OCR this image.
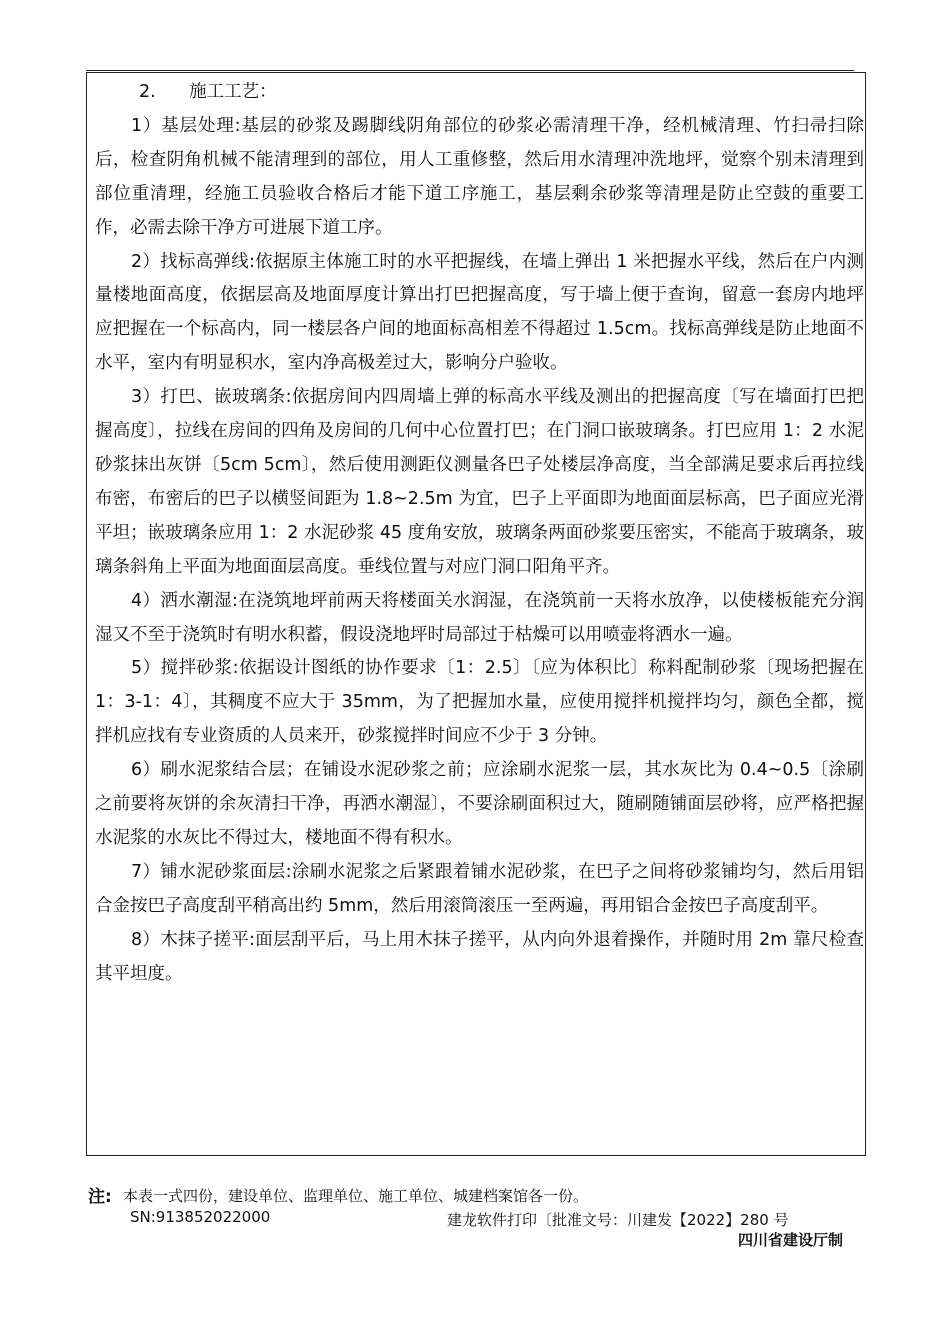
2.      施工工艺：

1）基层处理:基层的砂浆及踢脚线阴角部位的砂浆必需清理干净，经机械清理、竹扫帚扫除后，检查阴角机械不能清理到的部位，用人工重修整，然后用水清理冲洗地坪，觉察个别未清理到部位重清理，经施工员验收合格后才能下道工序施工，基层剩余砂浆等清理是防止空鼓的重要工作，必需去除干净方可进展下道工序。

2）找标高弹线:依据原主体施工时的水平把握线，在墙上弹出 1 米把握水平线，然后在户内测量楼地面高度，依据层高及地面厚度计算出打巴把握高度，写于墙上便于查询，留意一套房内地坪应把握在一个标高内，同一楼层各户间的地面标高相差不得超过 1.5cm。找标高弹线是防止地面不水平，室内有明显积水，室内净高极差过大，影响分户验收。

3）打巴、嵌玻璃条:依据房间内四周墙上弹的标高水平线及测出的把握高度〔写在墙面打巴把握高度〕，拉线在房间的四角及房间的几何中心位置打巴；在门洞口嵌玻璃条。打巴应用 1：2 水泥砂浆抹出灰饼〔5cm 5cm〕，然后使用测距仪测量各巴子处楼层净高度，当全部满足要求后再拉线布密，布密后的巴子以横竖间距为 1.8~2.5m 为宜，巴子上平面即为地面面层标高，巴子面应光滑平坦；嵌玻璃条应用 1：2 水泥砂浆 45 度角安放，玻璃条两面砂浆要压密实，不能高于玻璃条，玻璃条斜角上平面为地面面层高度。垂线位置与对应门洞口阳角平齐。

4）洒水潮湿:在浇筑地坪前两天将楼面关水润湿，在浇筑前一天将水放净，以使楼板能充分润湿又不至于浇筑时有明水积蓄，假设浇地坪时局部过于枯燥可以用喷壶将洒水一遍。

5）搅拌砂浆:依据设计图纸的协作要求〔1：2.5〕〔应为体积比〕称料配制砂浆〔现场把握在 1：3-1：4〕，其稠度不应大于 35mm，为了把握加水量，应使用搅拌机搅拌均匀，颜色全都，搅拌机应找有专业资质的人员来开，砂浆搅拌时间应不少于 3 分钟。

6）刷水泥浆结合层；在铺设水泥砂浆之前；应涂刷水泥浆一层，其水灰比为 0.4~0.5〔涂刷之前要将灰饼的余灰清扫干净，再洒水潮湿〕，不要涂刷面积过大，随刷随铺面层砂将，应严格把握水泥浆的水灰比不得过大，楼地面不得有积水。

7）铺水泥砂浆面层:涂刷水泥浆之后紧跟着铺水泥砂浆，在巴子之间将砂浆铺均匀，然后用铝合金按巴子高度刮平稍高出约 5mm，然后用滚筒滚压一至两遍，再用铝合金按巴子高度刮平。

8）木抹子搓平:面层刮平后，马上用木抹子搓平，从内向外退着操作，并随时用 2m 靠尺检查其平坦度。

注: 本表一式四份，建设单位、监理单位、施工单位、城建档案馆各一份。
SN:913852022000	建龙软件打印〔批准文号：川建发【2022】280 号
四川省建设厅制
